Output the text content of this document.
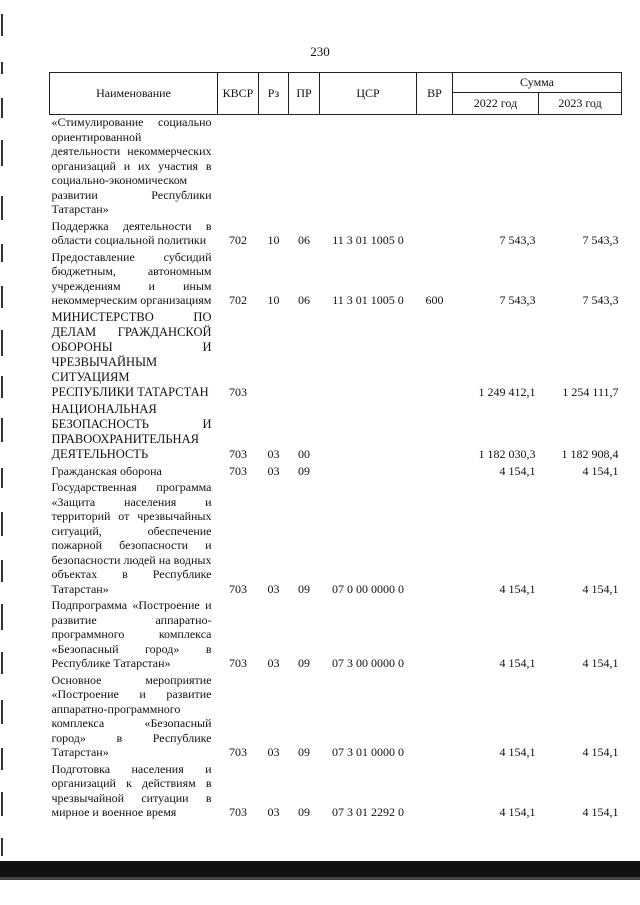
230
Наименование	КВСР	Рз	ПР	ЦСР	ВР	Сумма	
						2022 год	2023 год
«Стимулирование социально ориентированной деятельности некоммерческих организаций и их участия в социально-экономическом развитии Республики Татарстан»							
Поддержка деятельности в области социальной политики	702	10	06	11 3 01 1005 0		7 543,3	7 543,3
Предоставление субсидий бюджетным, автономным учреждениям и иным некоммерческим организациям	702	10	06	11 3 01 1005 0	600	7 543,3	7 543,3
МИНИСТЕРСТВО ПО ДЕЛАМ ГРАЖДАНСКОЙ ОБОРОНЫ И ЧРЕЗВЫЧАЙНЫМ СИТУАЦИЯМ РЕСПУБЛИКИ ТАТАРСТАН	703					1 249 412,1	1 254 111,7
НАЦИОНАЛЬНАЯ БЕЗОПАСНОСТЬ И ПРАВООХРАНИТЕЛЬНАЯ ДЕЯТЕЛЬНОСТЬ	703	03	00			1 182 030,3	1 182 908,4
Гражданская оборона	703	03	09			4 154,1	4 154,1
Государственная программа «Защита населения и территорий от чрезвычайных ситуаций, обеспечение пожарной безопасности и безопасности людей на водных объектах в Республике Татарстан»	703	03	09	07 0 00 0000 0		4 154,1	4 154,1
Подпрограмма «Построение и развитие аппаратно-программного комплекса «Безопасный город» в Республике Татарстан»	703	03	09	07 3 00 0000 0		4 154,1	4 154,1
Основное мероприятие «Построение и развитие аппаратно-программного комплекса «Безопасный город» в Республике Татарстан»	703	03	09	07 3 01 0000 0		4 154,1	4 154,1
Подготовка населения и организаций к действиям в чрезвычайной ситуации в мирное и военное время	703	03	09	07 3 01 2292 0		4 154,1	4 154,1
